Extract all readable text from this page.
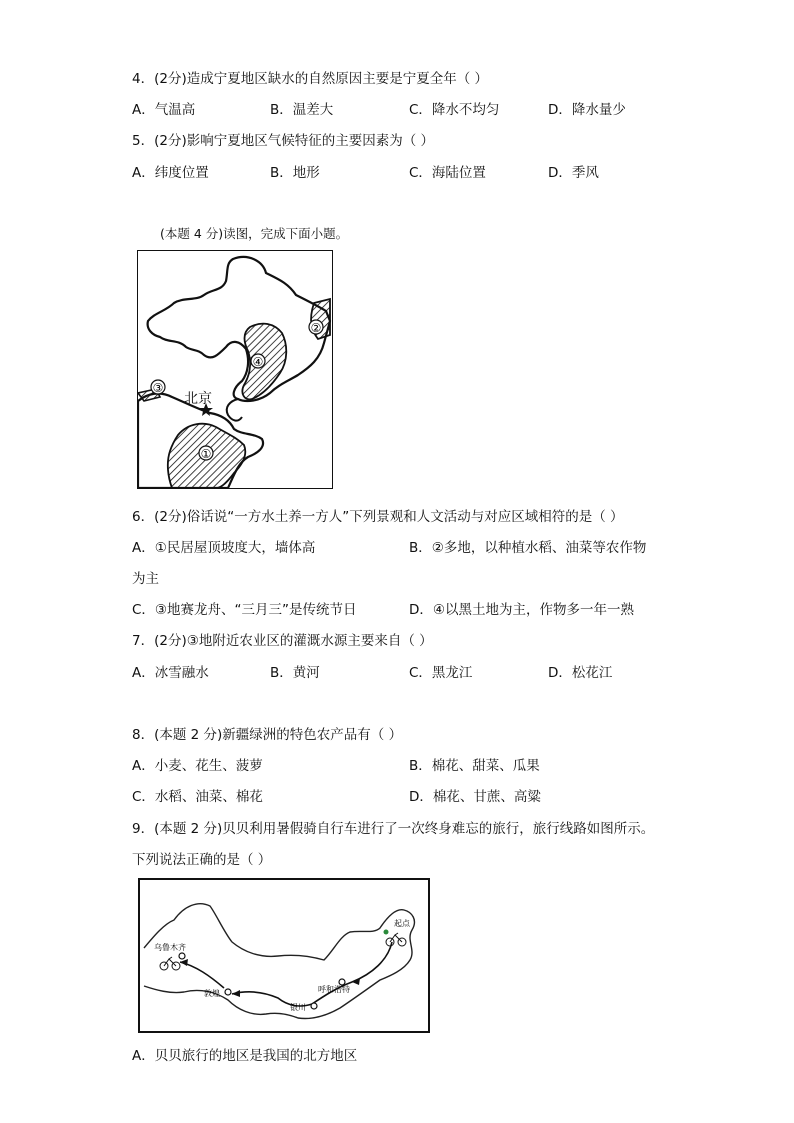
4．(2分)造成宁夏地区缺水的自然原因主要是宁夏全年（ ）
A．气温高	B．温差大	C．降水不均匀	D．降水量少
5．(2分)影响宁夏地区气候特征的主要因素为（ ）
A．纬度位置	B．地形	C．海陆位置	D．季风
(本题 4 分)读图，完成下面小题。
北京
①
②
③
④
6．(2分)俗话说“一方水土养一方人”下列景观和人文活动与对应区域相符的是（ ）
A．①民居屋顶坡度大，墙体高	B．②多地，以种植水稻、油菜等农作物
为主
C．③地赛龙舟、“三月三”是传统节日	D．④以黑土地为主，作物多一年一熟
7．(2分)③地附近农业区的灌溉水源主要来自（ ）
A．冰雪融水	B．黄河	C．黑龙江	D．松花江
8．(本题 2 分)新疆绿洲的特色农产品有（ ）
A．小麦、花生、菠萝	B．棉花、甜菜、瓜果
C．水稻、油菜、棉花	D．棉花、甘蔗、高粱
9．(本题 2 分)贝贝利用暑假骑自行车进行了一次终身难忘的旅行，旅行线路如图所示。
下列说法正确的是（ ）
起点
乌鲁木齐
敦煌
银川
呼和浩特
A．贝贝旅行的地区是我国的北方地区
